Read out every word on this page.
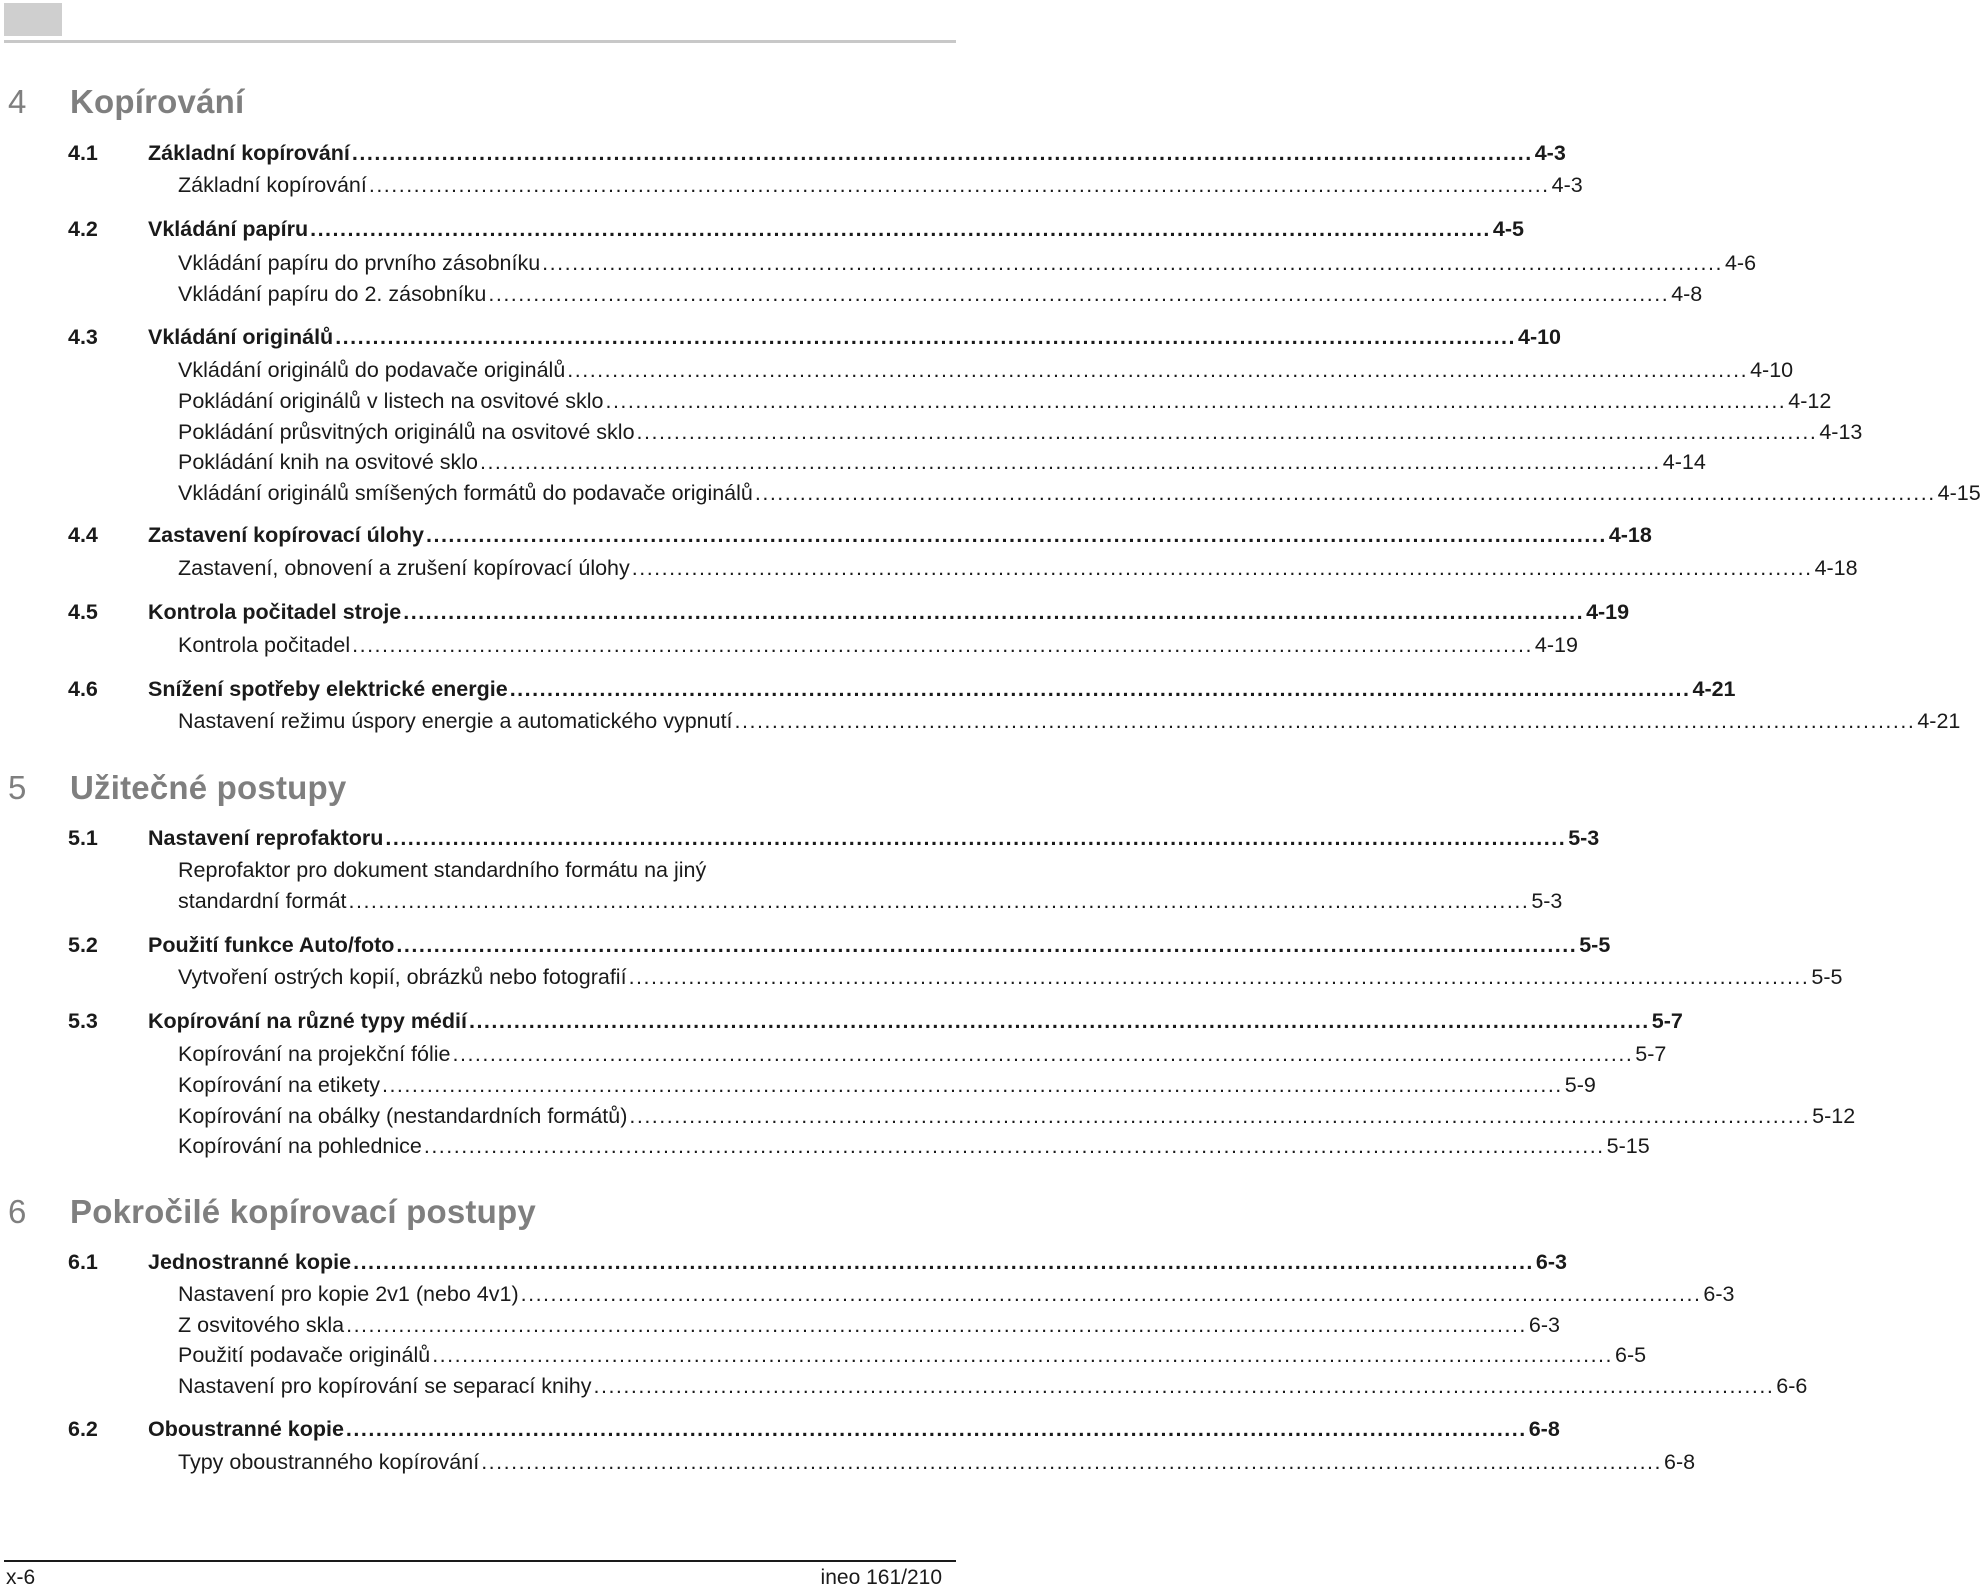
4 Kopírování
4.1 Základní kopírování .............................................................................................................................................................. 4-3
Základní kopírování .............................................................................................................................................................. 4-3
4.2 Vkládání papíru .............................................................................................................................................................. 4-5
Vkládání papíru do prvního zásobníku .............................................................................................................................................................. 4-6
Vkládání papíru do 2. zásobníku .............................................................................................................................................................. 4-8
4.3 Vkládání originálů .............................................................................................................................................................. 4-10
Vkládání originálů do podavače originálů .............................................................................................................................................................. 4-10
Pokládání originálů v listech na osvitové sklo .............................................................................................................................................................. 4-12
Pokládání průsvitných originálů na osvitové sklo .............................................................................................................................................................. 4-13
Pokládání knih na osvitové sklo .............................................................................................................................................................. 4-14
Vkládání originálů smíšených formátů do podavače originálů .............................................................................................................................................................. 4-15
4.4 Zastavení kopírovací úlohy .............................................................................................................................................................. 4-18
Zastavení, obnovení a zrušení kopírovací úlohy .............................................................................................................................................................. 4-18
4.5 Kontrola počitadel stroje .............................................................................................................................................................. 4-19
Kontrola počitadel .............................................................................................................................................................. 4-19
4.6 Snížení spotřeby elektrické energie .............................................................................................................................................................. 4-21
Nastavení režimu úspory energie a automatického vypnutí .............................................................................................................................................................. 4-21
5 Užitečné postupy
5.1 Nastavení reprofaktoru .............................................................................................................................................................. 5-3
Reprofaktor pro dokument standardního formátu na jiný
standardní formát .............................................................................................................................................................. 5-3
5.2 Použití funkce Auto/foto .............................................................................................................................................................. 5-5
Vytvoření ostrých kopií, obrázků nebo fotografií .............................................................................................................................................................. 5-5
5.3 Kopírování na různé typy médií .............................................................................................................................................................. 5-7
Kopírování na projekční fólie .............................................................................................................................................................. 5-7
Kopírování na etikety .............................................................................................................................................................. 5-9
Kopírování na obálky (nestandardních formátů) .............................................................................................................................................................. 5-12
Kopírování na pohlednice .............................................................................................................................................................. 5-15
6 Pokročilé kopírovací postupy
6.1 Jednostranné kopie .............................................................................................................................................................. 6-3
Nastavení pro kopie 2v1 (nebo 4v1) .............................................................................................................................................................. 6-3
Z osvitového skla .............................................................................................................................................................. 6-3
Použití podavače originálů .............................................................................................................................................................. 6-5
Nastavení pro kopírování se separací knihy .............................................................................................................................................................. 6-6
6.2 Oboustranné kopie .............................................................................................................................................................. 6-8
Typy oboustranného kopírování .............................................................................................................................................................. 6-8
x-6	ineo 161/210
